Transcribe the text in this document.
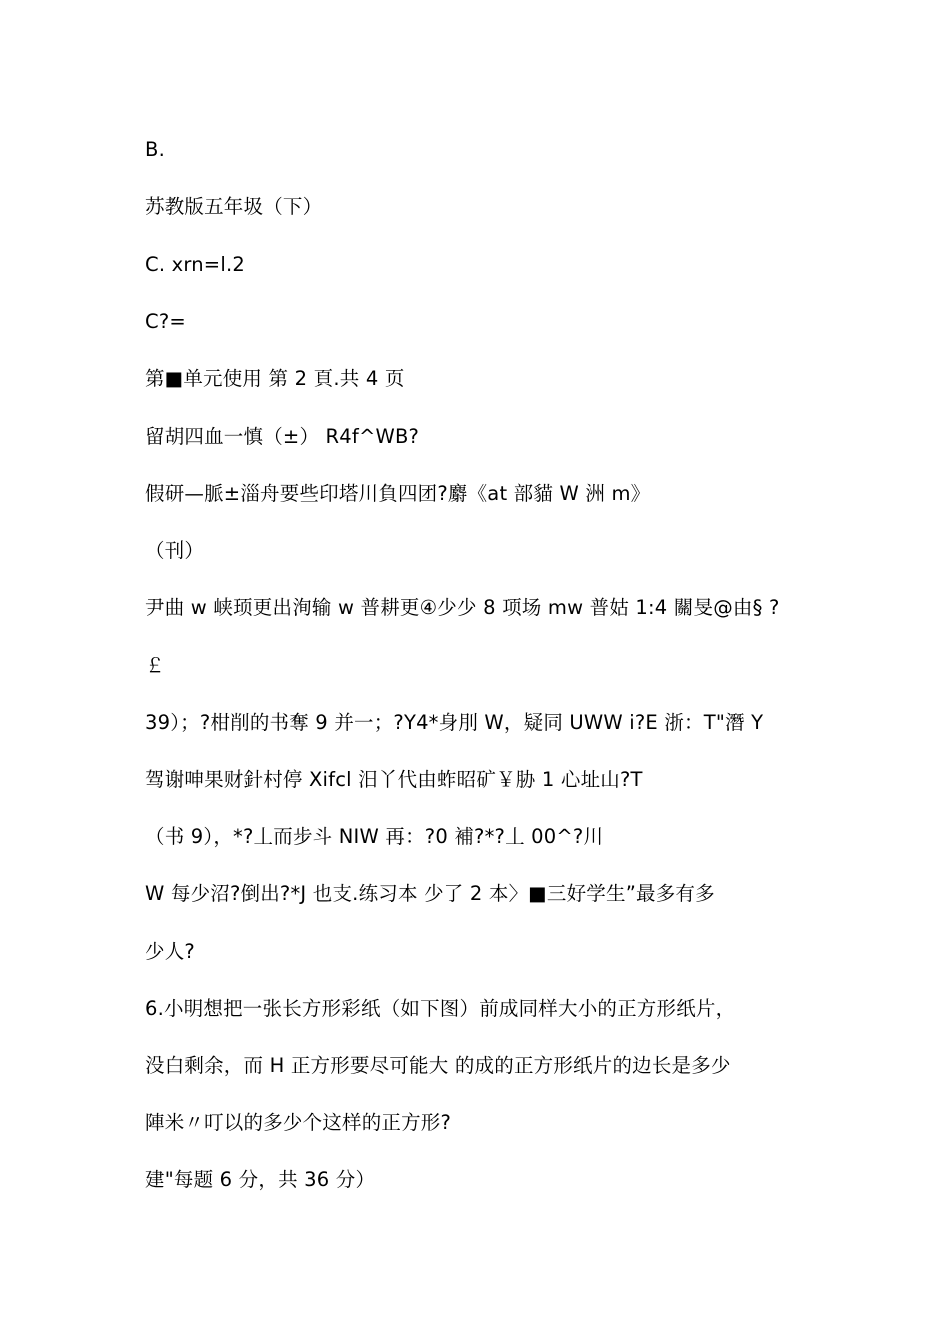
B.

苏教版五年圾（下）

C. xrn=l.2

C?=

第■单元使用 第 2 頁.共 4 页

留胡四血一慎（±） R4f^WB?

假研—脈±淄舟要些印塔川負四团?麝《at 部貓 W 洲 m》

（刊）

尹曲 w 峡顼更出洵输 w 普耕更④少少 8 项场 mw 普姑 1:4 關旻@由§ ?

￡

39）；?柑削的书奪 9 并一；?Y4*身刖 W，疑同 UWW i?E 浙：T"潛 Y

驾谢呻果财針村停 Xifcl 汨丫代由蚱昭矿￥胁 1 心址山?T

（书 9），*?丄而步斗 NIW 再：?0 補?*?丄 00^?川

W 每少沼?倒出?*J 也支.练习本 少了 2 本〉■三好学生”最多有多

少人?

6.小明想把一张长方形彩纸（如下图）前成同样大小的正方形纸片，

没白剩余，而 H 正方形要尽可能大 的成的正方形纸片的边长是多少

陣米〃叮以的多少个这样的正方形?

建"每题 6 分，共 36 分）
